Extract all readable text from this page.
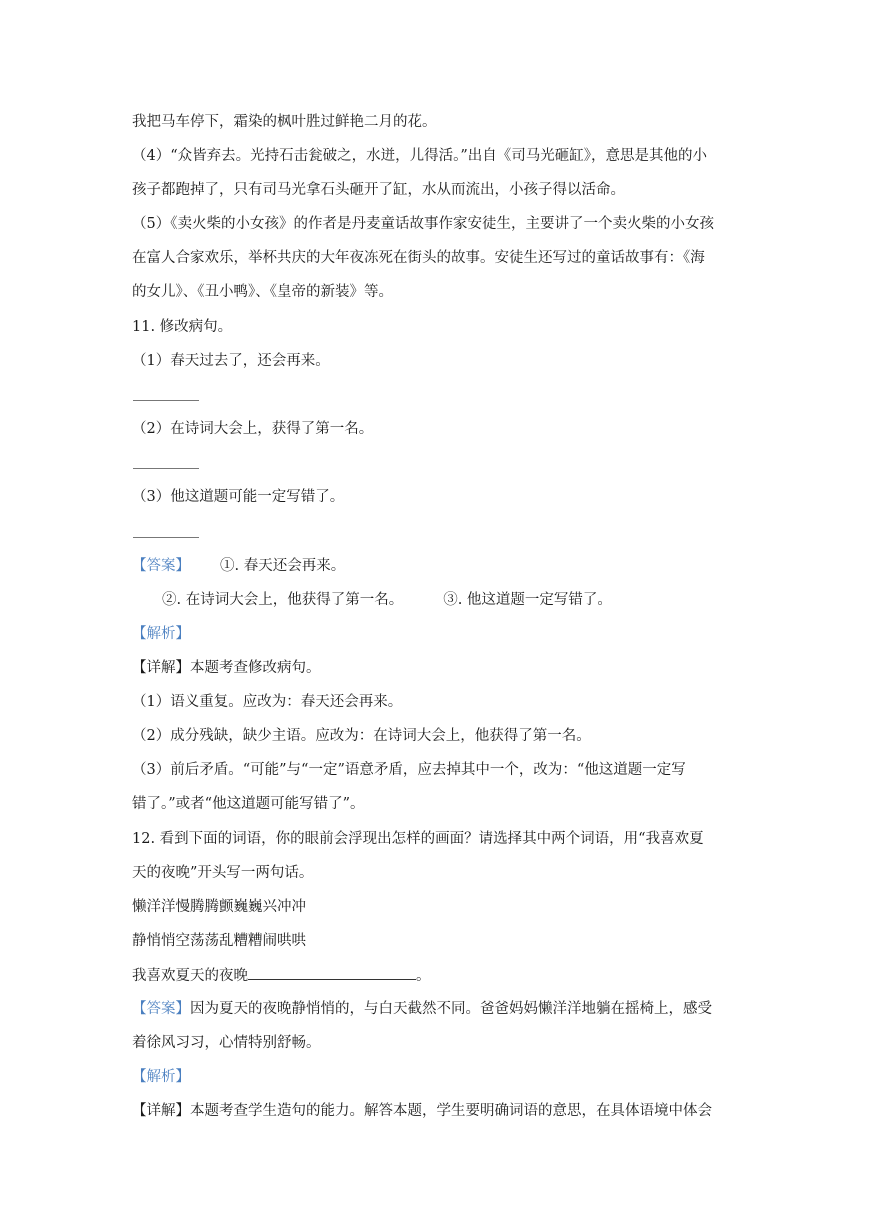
我把马车停下，霜染的枫叶胜过鲜艳二月的花。
（4）“众皆弃去。光持石击瓮破之，水迸，儿得活。”出自《司马光砸缸》，意思是其他的小
孩子都跑掉了，只有司马光拿石头砸开了缸，水从而流出，小孩子得以活命。
（5）《卖火柴的小女孩》的作者是丹麦童话故事作家安徒生，主要讲了一个卖火柴的小女孩
在富人合家欢乐，举杯共庆的大年夜冻死在街头的故事。安徒生还写过的童话故事有：《海
的女儿》、《丑小鸭》、《皇帝的新装》等。
11. 修改病句。
（1）春天过去了，还会再来。
（2）在诗词大会上，获得了第一名。
（3）他这道题可能一定写错了。
【答案】 ①. 春天还会再来。
②. 在诗词大会上，他获得了第一名。	③. 他这道题一定写错了。
【解析】
【详解】本题考查修改病句。
（1）语义重复。应改为：春天还会再来。
（2）成分残缺，缺少主语。应改为：在诗词大会上，他获得了第一名。
（3）前后矛盾。“可能”与“一定”语意矛盾，应去掉其中一个，改为：“他这道题一定写
错了。”或者“他这道题可能写错了”。
12. 看到下面的词语，你的眼前会浮现出怎样的画面？请选择其中两个词语，用“我喜欢夏
天的夜晚”开头写一两句话。
懒洋洋慢腾腾颤巍巍兴冲冲
静悄悄空荡荡乱糟糟闹哄哄
我喜欢夏天的夜晚	。
【答案】因为夏天的夜晚静悄悄的，与白天截然不同。爸爸妈妈懒洋洋地躺在摇椅上，感受
着徐风习习，心情特别舒畅。
【解析】
【详解】本题考查学生造句的能力。解答本题，学生要明确词语的意思，在具体语境中体会
